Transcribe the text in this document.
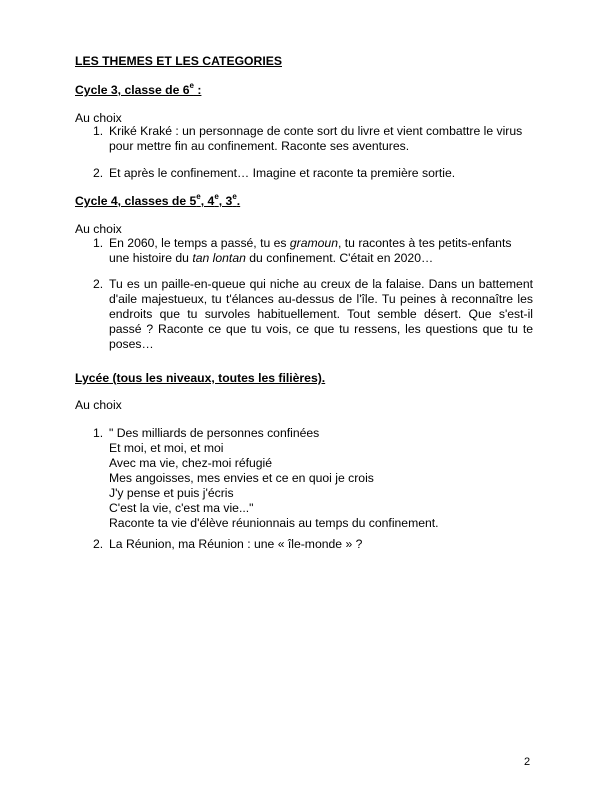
LES THEMES ET LES CATEGORIES
Cycle 3, classe de 6e :
Au choix
1. Kriké Kraké : un personnage de conte sort du livre et vient combattre le virus pour mettre fin au confinement. Raconte ses aventures.
2. Et après le confinement… Imagine et raconte ta première sortie.
Cycle 4, classes de 5e, 4e, 3e.
Au choix
1. En 2060, le temps a passé, tu es gramoun, tu racontes à tes petits-enfants une histoire du tan lontan du confinement. C'était en 2020…
2. Tu es un paille-en-queue qui niche au creux de la falaise. Dans un battement d'aile majestueux, tu t'élances au-dessus de l'île. Tu peines à reconnaître les endroits que tu survoles habituellement. Tout semble désert. Que s'est-il passé ? Raconte ce que tu vois, ce que tu ressens, les questions que tu te poses…
Lycée (tous les niveaux, toutes les filières).
Au choix
1. " Des milliards de personnes confinées
Et moi, et moi, et moi
Avec ma vie, chez-moi réfugié
Mes angoisses, mes envies et ce en quoi je crois
J'y pense et puis j'écris
C'est la vie, c'est ma vie..."
Raconte ta vie d'élève réunionnais au temps du confinement.
2. La Réunion, ma Réunion : une « île-monde » ?
2
